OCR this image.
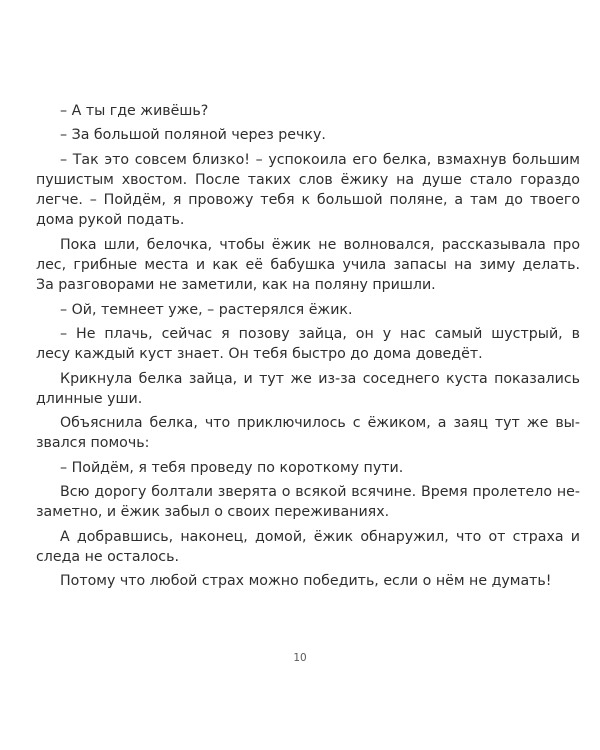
– А ты где живёшь?
– За большой поляной через речку.
– Так это совсем близко! – успокоила его белка, взмахнув большим
пушистым хвостом. После таких слов ёжику на душе стало гораздо
легче. – Пойдём, я провожу тебя к большой поляне, а там до твоего
дома рукой подать.
Пока шли, белочка, чтобы ёжик не волновался, рассказывала про
лес, грибные места и как её бабушка учила запасы на зиму делать.
За разговорами не заметили, как на поляну пришли.
– Ой, темнеет уже, – растерялся ёжик.
– Не плачь, сейчас я позову зайца, он у нас самый шустрый, в
лесу каждый куст знает. Он тебя быстро до дома доведёт.
Крикнула белка зайца, и тут же из-за соседнего куста показались
длинные уши.
Объяснила белка, что приключилось с ёжиком, а заяц тут же вы-
звался помочь:
– Пойдём, я тебя проведу по короткому пути.
Всю дорогу болтали зверята о всякой всячине. Время пролетело не-
заметно, и ёжик забыл о своих переживаниях.
А добравшись, наконец, домой, ёжик обнаружил, что от страха и
следа не осталось.
Потому что любой страх можно победить, если о нём не думать!
10
